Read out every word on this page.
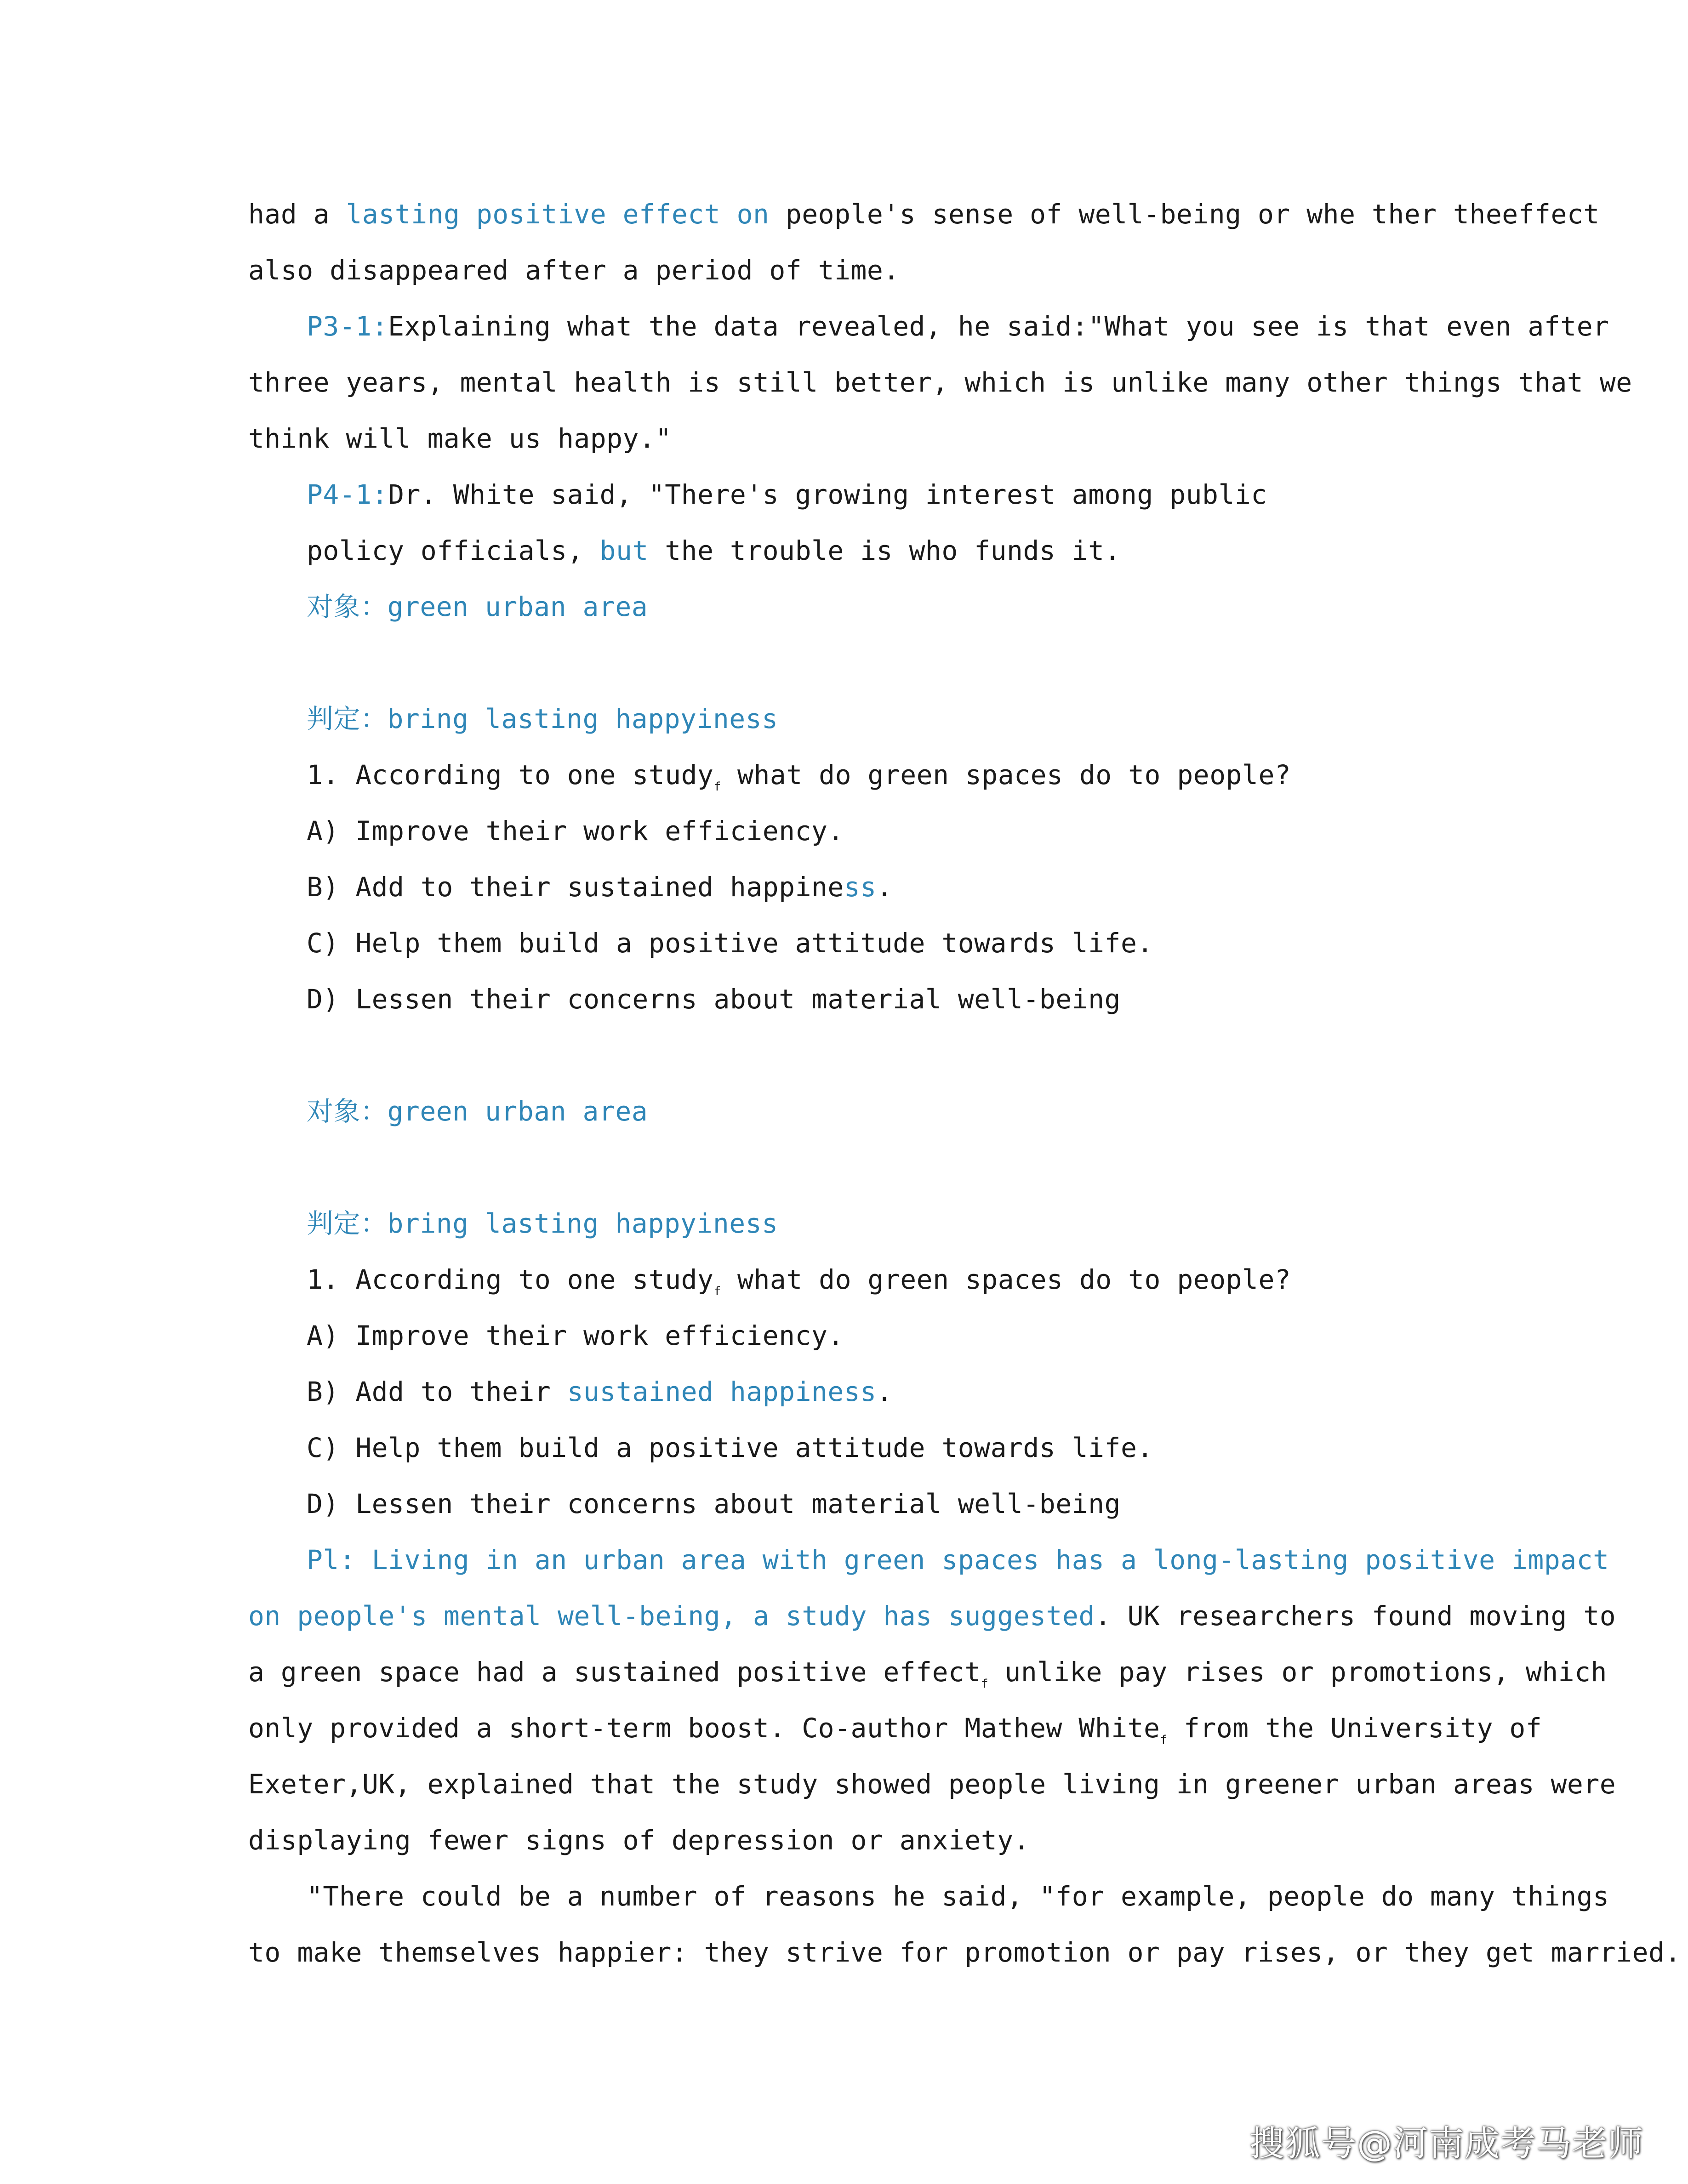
had a lasting positive effect on people's sense of well-being or whe ther theeffect
also disappeared after a period of time.
P3-1:Explaining what the data revealed, he said:"What you see is that even after
three years, mental health is still better, which is unlike many other things that we
think will make us happy."
P4-1:Dr. White said, "There's growing interest among public
policy officials, but the trouble is who funds it.
对象：green urban area
判定：bring lasting happyiness
1. According to one study$_f$ what do green spaces do to people?
A) Improve their work efficiency.
B) Add to their sustained happiness.
C) Help them build a positive attitude towards life.
D) Lessen their concerns about material well-being
对象：green urban area
判定：bring lasting happyiness
1. According to one study$_f$ what do green spaces do to people?
A) Improve their work efficiency.
B) Add to their sustained happiness.
C) Help them build a positive attitude towards life.
D) Lessen their concerns about material well-being
Pl: Living in an urban area with green spaces has a long-lasting positive impact
on people's mental well-being, a study has suggested. UK researchers found moving to
a green space had a sustained positive effect$_f$ unlike pay rises or promotions, which
only provided a short-term boost. Co-author Mathew White$_f$ from the University of
Exeter,UK, explained that the study showed people living in greener urban areas were
displaying fewer signs of depression or anxiety.
"There could be a number of reasons he said, "for example, people do many things
to make themselves happier: they strive for promotion or pay rises, or they get married.
搜狐号@河南成考马老师
